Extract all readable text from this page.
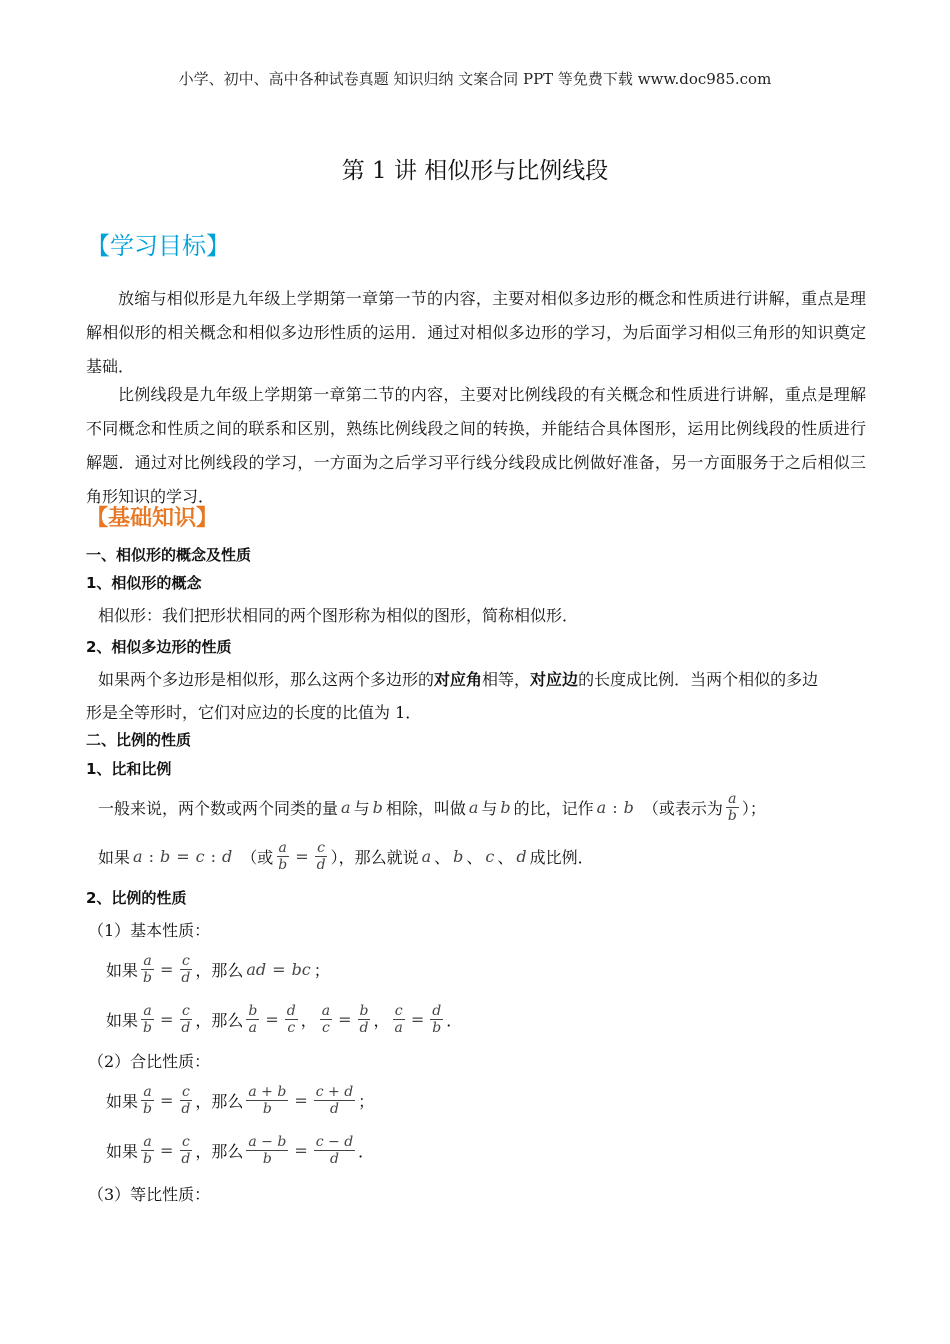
小学、初中、高中各种试卷真题 知识归纳 文案合同 PPT 等免费下载 www.doc985.com
第 1 讲 相似形与比例线段
【学习目标】
放缩与相似形是九年级上学期第一章第一节的内容，主要对相似多边形的概念和性质进行讲解，重点是理解相似形的相关概念和相似多边形性质的运用．通过对相似多边形的学习，为后面学习相似三角形的知识奠定基础．
比例线段是九年级上学期第一章第二节的内容，主要对比例线段的有关概念和性质进行讲解，重点是理解不同概念和性质之间的联系和区别，熟练比例线段之间的转换，并能结合具体图形，运用比例线段的性质进行解题．通过对比例线段的学习，一方面为之后学习平行线分线段成比例做好准备，另一方面服务于之后相似三角形知识的学习．
【基础知识】
一、相似形的概念及性质
1、相似形的概念
相似形：我们把形状相同的两个图形称为相似的图形，简称相似形．
2、相似多边形的性质
如果两个多边形是相似形，那么这两个多边形的 对应角 相等， 对应边 的长度成比例．当两个相似的多边
形是全等形时，它们对应边的长度的比值为 1．
二、比例的性质
1、比和比例
一般来说，两个数或两个同类的量 a 与 b 相除，叫做 a 与 b 的比，记作 a : b （或表示为 $\frac{a}{b}$ ）；
如果 a : b = c : d （或 $\frac{a}{b} = \frac{c}{d}$ ），那么就说 a 、 b 、 c 、 d 成比例．
2、比例的性质
（1）基本性质：
如果 $\frac{a}{b} = \frac{c}{d}$ ，那么 ad = bc ；
如果 $\frac{a}{b} = \frac{c}{d}$ ，那么 $\frac{b}{a} = \frac{d}{c}$ ， $\frac{a}{c} = \frac{b}{d}$ ， $\frac{c}{a} = \frac{d}{b}$ ．
（2）合比性质：
如果 $\frac{a}{b} = \frac{c}{d}$ ，那么 $\frac{a + b}{b} = \frac{c + d}{d}$ ；
如果 $\frac{a}{b} = \frac{c}{d}$ ，那么 $\frac{a - b}{b} = \frac{c - d}{d}$ ．
（3）等比性质：
